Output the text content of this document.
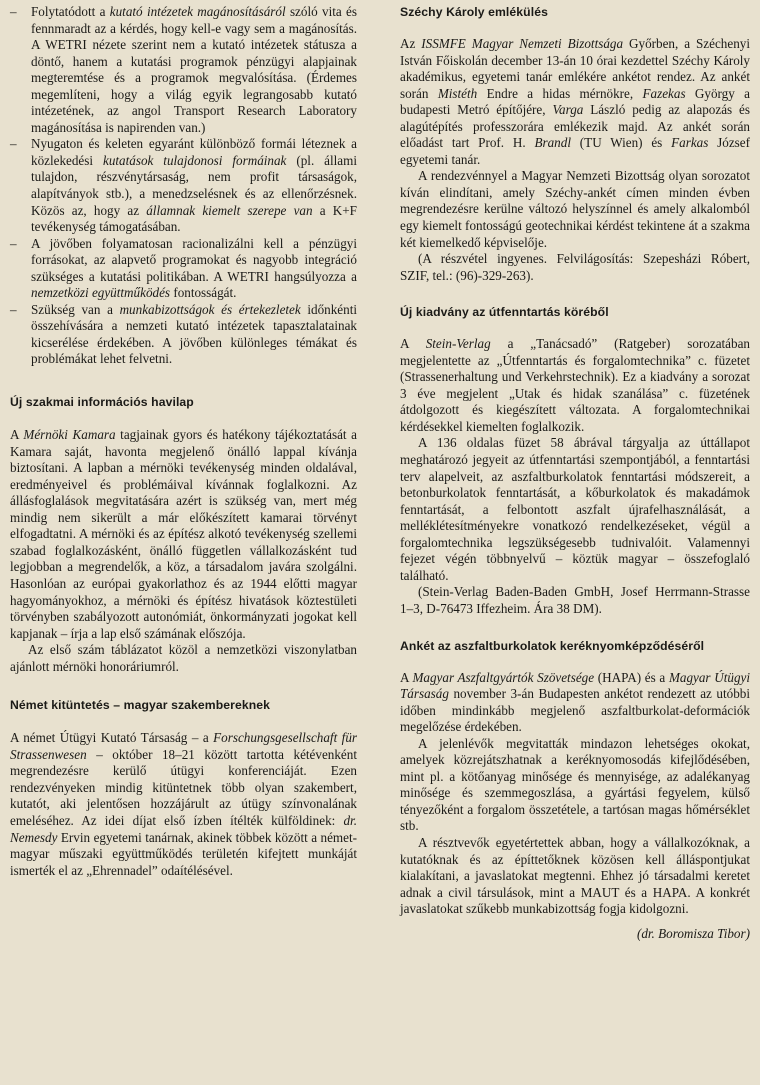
–	Folytatódott a kutató intézetek magánosításáról szóló vita és fennmaradt az a kérdés, hogy kell-e vagy sem a magánosítás. A WETRI nézete szerint nem a kutató intézetek státusza a döntő, hanem a kutatási programok pénzügyi alapjainak megteremtése és a programok megvalósítása. (Érdemes megemlíteni, hogy a világ egyik legrangosabb kutató intézetének, az angol Transport Research Laboratory magánosítása is napirenden van.)
–	Nyugaton és keleten egyaránt különböző formái léteznek a közlekedési kutatások tulajdonosi formáinak (pl. állami tulajdon, részvénytársaság, nem profit társaságok, alapítványok stb.), a menedzselésnek és az ellenőrzésnek. Közös az, hogy az államnak kiemelt szerepe van a K+F tevékenység támogatásában.
–	A jövőben folyamatosan racionalizálni kell a pénzügyi forrásokat, az alapvető programokat és nagyobb integráció szükséges a kutatási politikában. A WETRI hangsúlyozza a nemzetközi együttműködés fontosságát.
–	Szükség van a munkabizottságok és értekezletek időnkénti összehívására a nemzeti kutató intézetek tapasztalatainak kicserélése érdekében. A jövőben különleges témákat és problémákat lehet felvetni.
Új szakmai információs havilap

A Mérnöki Kamara tagjainak gyors és hatékony tájékoztatását a Kamara saját, havonta megjelenő önálló lappal kívánja biztosítani. A lapban a mérnöki tevékenység minden oldalával, eredményeivel és problémáival kívánnak foglalkozni. Az állásfoglalások megvitatására azért is szükség van, mert még mindig nem sikerült a már előkészített kamarai törvényt elfogadtatni. A mérnöki és az építész alkotó tevékenység szellemi szabad foglalkozásként, önálló független vállalkozásként tud legjobban a megrendelők, a köz, a társadalom javára szolgálni. Hasonlóan az európai gyakorlathoz és az 1944 előtti magyar hagyományokhoz, a mérnöki és építész hivatások köztestületi törvényben szabályozott autonómiát, önkormányzati jogokat kell kapjanak – írja a lap első számának előszója.

Az első szám táblázatot közöl a nemzetközi viszonylatban ajánlott mérnöki honoráriumról.

Német kitüntetés – magyar szakembereknek

A német Útügyi Kutató Társaság – a Forschungsgesellschaft für Strassenwesen – október 18–21 között tartotta kétévenként megrendezésre kerülő útügyi konferenciáját. Ezen rendezvényeken mindig kitüntetnek több olyan szakembert, kutatót, aki jelentősen hozzájárult az útügy színvonalának emeléséhez. Az idei díjat első ízben ítélték külföldinek: dr. Nemesdy Ervin egyetemi tanárnak, akinek többek között a német-magyar műszaki együttműködés területén kifejtett munkáját ismerték el az „Ehrennadel” odaítélésével.

Széchy Károly emlékülés

Az ISSMFE Magyar Nemzeti Bizottsága Győrben, a Széchenyi István Főiskolán december 13-án 10 órai kezdettel Széchy Károly akadémikus, egyetemi tanár emlékére ankétot rendez. Az ankét során Mistéth Endre a hidas mérnökre, Fazekas György a budapesti Metró építőjére, Varga László pedig az alapozás és alagútépítés professzorára emlékezik majd. Az ankét során előadást tart Prof. H. Brandl (TU Wien) és Farkas József egyetemi tanár.

A rendezvénnyel a Magyar Nemzeti Bizottság olyan sorozatot kíván elindítani, amely Széchy-ankét címen minden évben megrendezésre kerülne változó helyszínnel és amely alkalomból egy kiemelt fontosságú geotechnikai kérdést tekintene át a szakma két kiemelkedő képviselője.

(A részvétel ingyenes. Felvilágosítás: Szepesházi Róbert, SZIF, tel.: (96)-329-263).

Új kiadvány az útfenntartás köréből

A Stein-Verlag a „Tanácsadó” (Ratgeber) sorozatában megjelentette az „Útfenntartás és forgalomtechnika” c. füzetet (Strassenerhaltung und Verkehrstechnik). Ez a kiadvány a sorozat 3 éve megjelent „Utak és hidak szanálása” c. füzetének átdolgozott és kiegészített változata. A forgalomtechnikai kérdésekkel kiemelten foglalkozik.

A 136 oldalas füzet 58 ábrával tárgyalja az úttállapot meghatározó jegyeit az útfenntartási szempontjából, a fenntartási terv alapelveit, az aszfaltburkolatok fenntartási módszereit, a betonburkolatok fenntartását, a kőburkolatok és makadámok fenntartását, a felbontott aszfalt újrafelhasználását, a melléklétesítményekre vonatkozó rendelkezéseket, végül a forgalomtechnika legszükségesebb tudnivalóit. Valamennyi fejezet végén többnyelvű – köztük magyar – összefoglaló található.

(Stein-Verlag Baden-Baden GmbH, Josef Herrmann-Strasse 1–3, D-76473 Iffezheim. Ára 38 DM).

Ankét az aszfaltburkolatok keréknyomképződéséről

A Magyar Aszfaltgyártók Szövetsége (HAPA) és a Magyar Útügyi Társaság november 3-án Budapesten ankétot rendezett az utóbbi időben mindinkább megjelenő aszfaltburkolat-deformációk megelőzése érdekében.

A jelenlévők megvitatták mindazon lehetséges okokat, amelyek közrejátszhatnak a keréknyomosodás kifejlődésében, mint pl. a kötőanyag minősége és mennyisége, az adalékanyag minősége és szemmegoszlása, a gyártási fegyelem, külső tényezőként a forgalom összetétele, a tartósan magas hőmérséklet stb.

A résztvevők egyetértettek abban, hogy a vállalkozóknak, a kutatóknak és az építtetőknek közösen kell álláspontjukat kialakítani, a javaslatokat megtenni. Ehhez jó társadalmi keretet adnak a civil társulások, mint a MAUT és a HAPA. A konkrét javaslatokat szűkebb munkabizottság fogja kidolgozni.

(dr. Boromisza Tibor)
